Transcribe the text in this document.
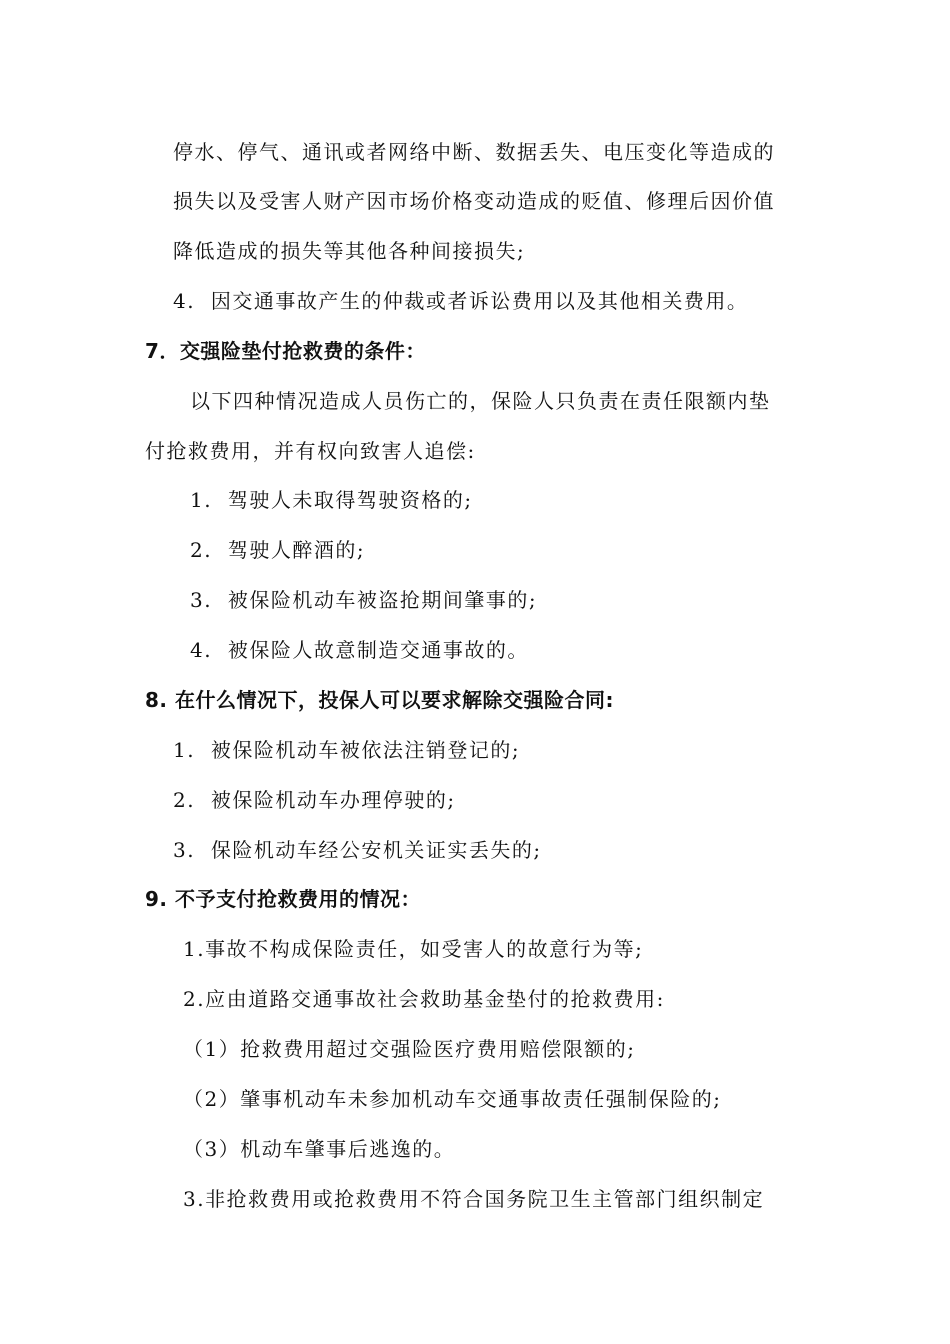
停水、停气、通讯或者网络中断、数据丢失、电压变化等造成的
损失以及受害人财产因市场价格变动造成的贬值、修理后因价值
降低造成的损失等其他各种间接损失;
4. 因交通事故产生的仲裁或者诉讼费用以及其他相关费用。
7．交强险垫付抢救费的条件：
以下四种情况造成人员伤亡的，保险人只负责在责任限额内垫
付抢救费用，并有权向致害人追偿:
1. 驾驶人未取得驾驶资格的;
2. 驾驶人醉酒的;
3. 被保险机动车被盗抢期间肇事的;
4. 被保险人故意制造交通事故的。
8. 在什么情况下，投保人可以要求解除交强险合同:
1. 被保险机动车被依法注销登记的;
2. 被保险机动车办理停驶的;
3. 保险机动车经公安机关证实丢失的;
9. 不予支付抢救费用的情况：
1.事故不构成保险责任，如受害人的故意行为等;
2.应由道路交通事故社会救助基金垫付的抢救费用:
（1）抢救费用超过交强险医疗费用赔偿限额的;
（2）肇事机动车未参加机动车交通事故责任强制保险的;
（3）机动车肇事后逃逸的。
3.非抢救费用或抢救费用不符合国务院卫生主管部门组织制定
